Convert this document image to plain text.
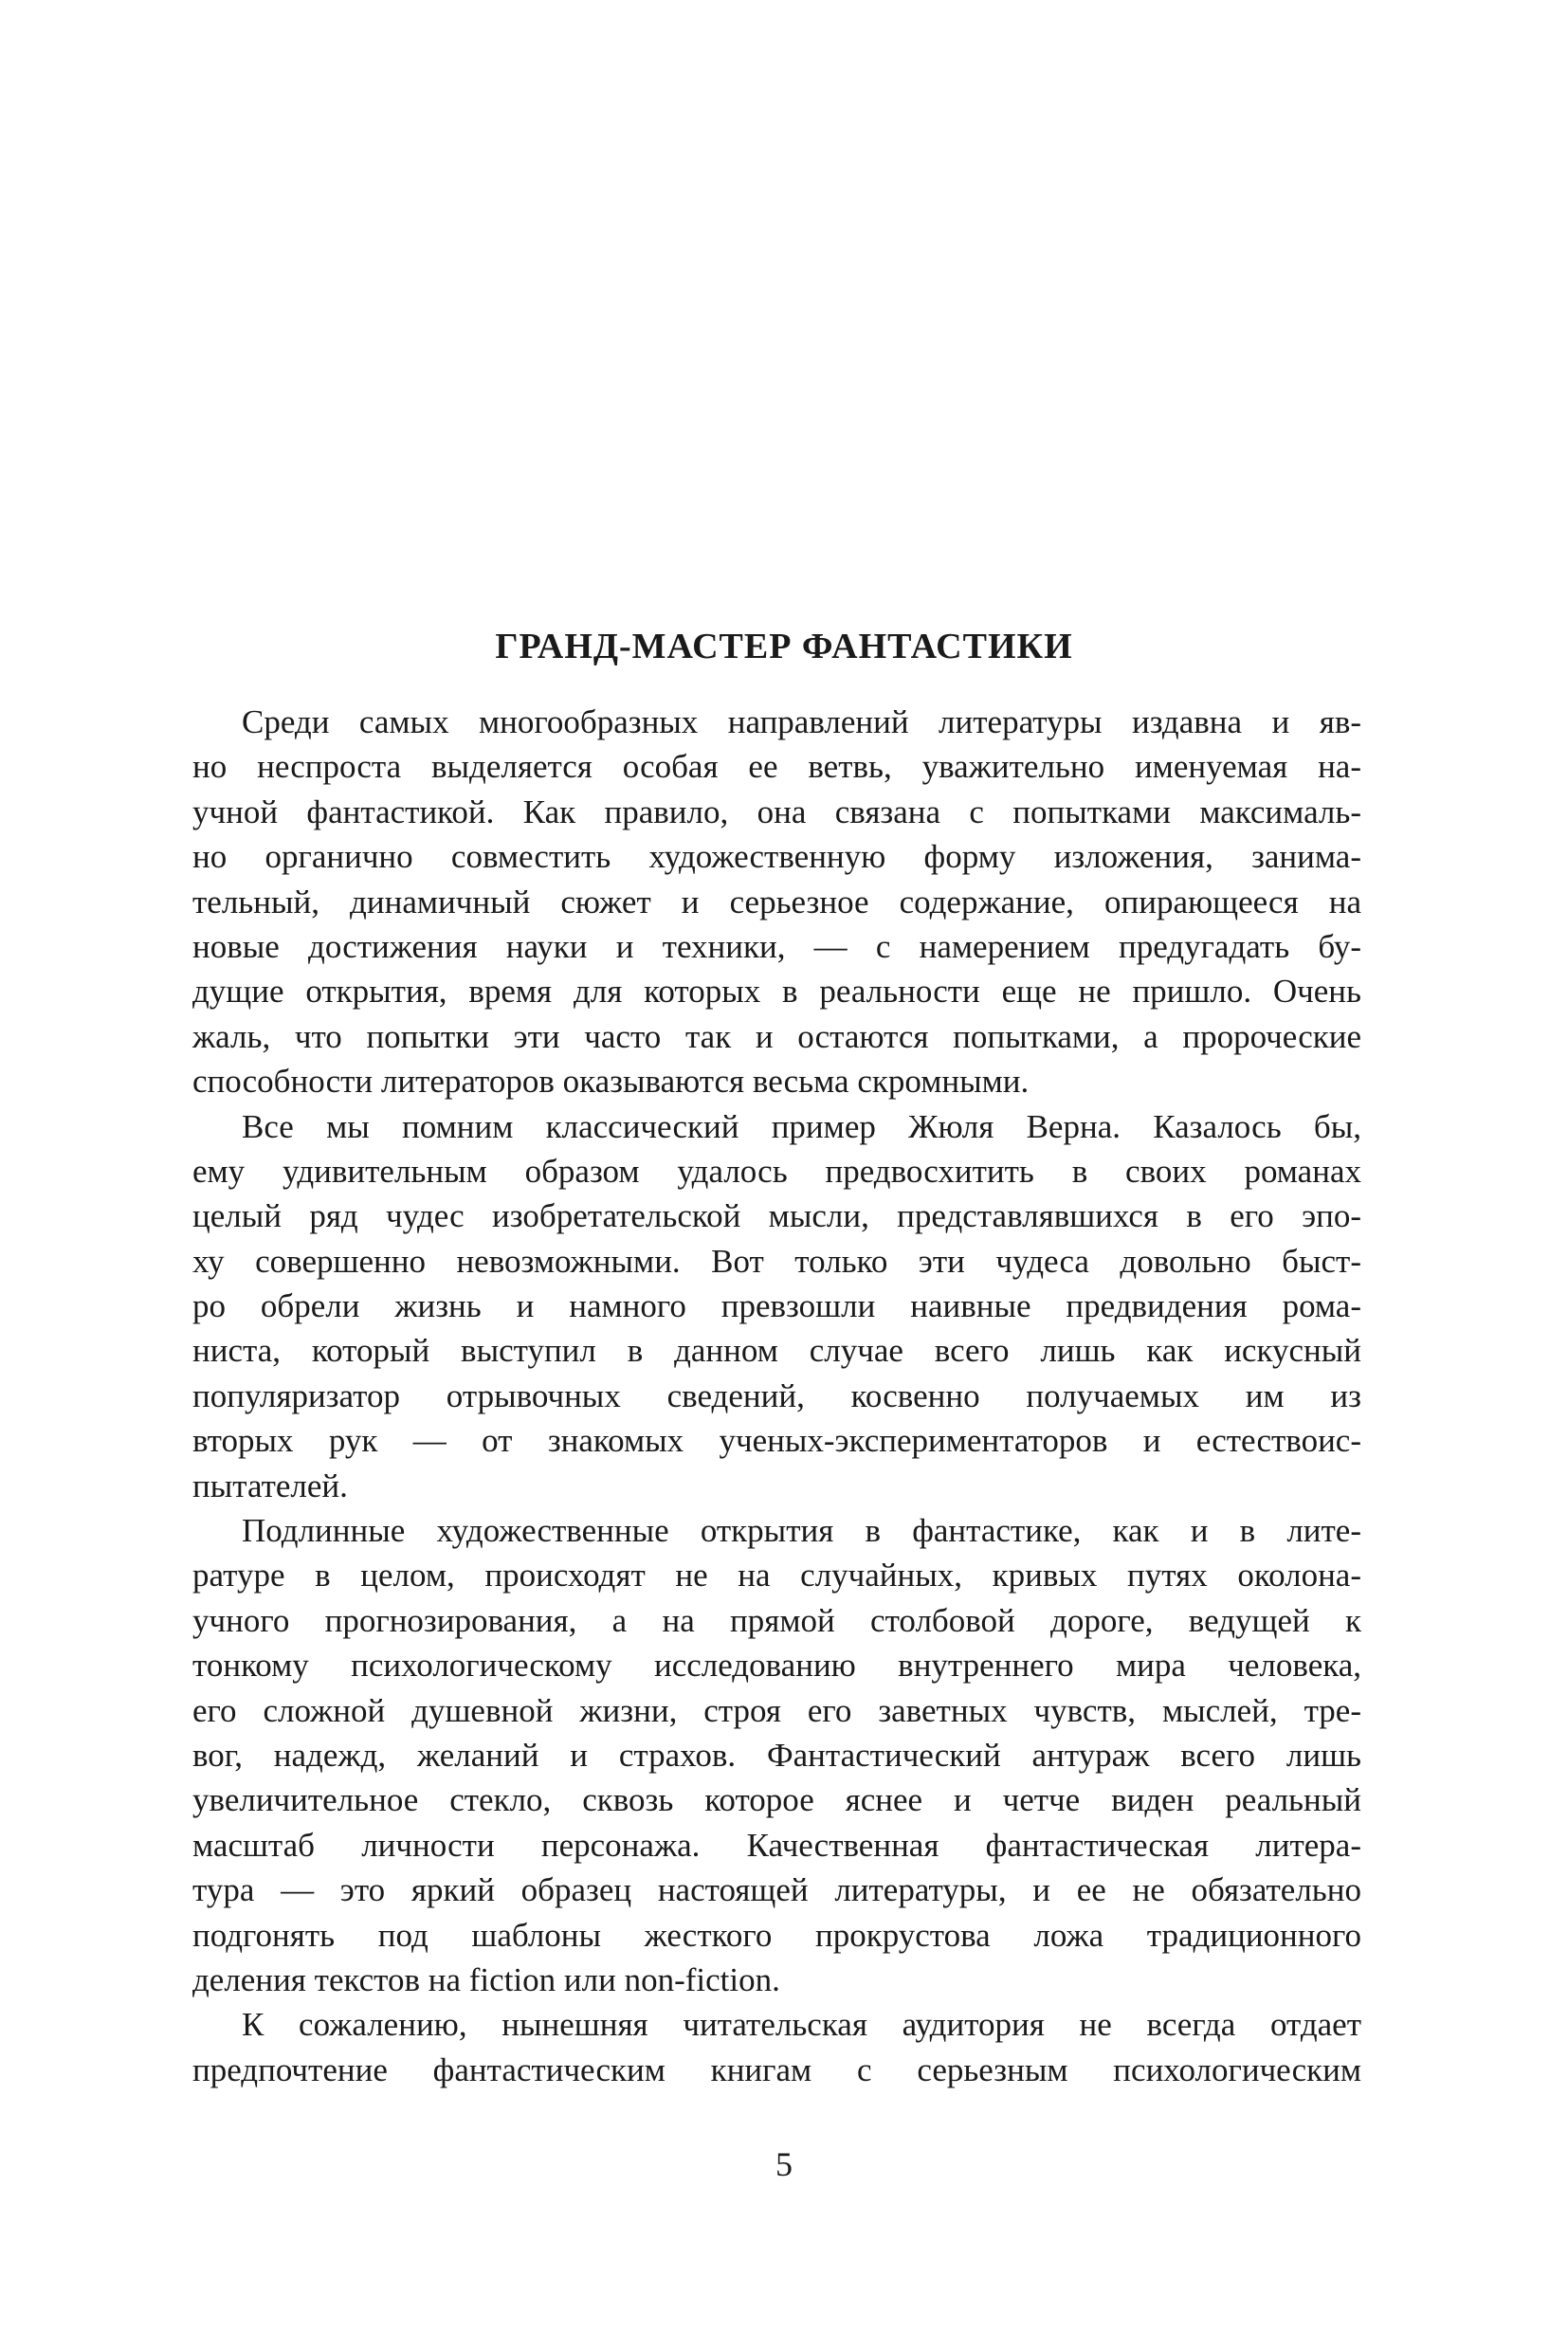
ГРАНД-МАСТЕР ФАНТАСТИКИ
Среди самых многообразных направлений литературы издавна и яв-
но неспроста выделяется особая ее ветвь, уважительно именуемая на-
учной фантастикой. Как правило, она связана с попытками максималь-
но органично совместить художественную форму изложения, занима-
тельный, динамичный сюжет и серьезное содержание, опирающееся на
новые достижения науки и техники, — с намерением предугадать бу-
дущие открытия, время для которых в реальности еще не пришло. Очень
жаль, что попытки эти часто так и остаются попытками, а пророческие
способности литераторов оказываются весьма скромными.
Все мы помним классический пример Жюля Верна. Казалось бы,
ему удивительным образом удалось предвосхитить в своих романах
целый ряд чудес изобретательской мысли, представлявшихся в его эпо-
ху совершенно невозможными. Вот только эти чудеса довольно быст-
ро обрели жизнь и намного превзошли наивные предвидения рома-
ниста, который выступил в данном случае всего лишь как искусный
популяризатор отрывочных сведений, косвенно получаемых им из
вторых рук — от знакомых ученых-экспериментаторов и естествоис-
пытателей.
Подлинные художественные открытия в фантастике, как и в лите-
ратуре в целом, происходят не на случайных, кривых путях околона-
учного прогнозирования, а на прямой столбовой дороге, ведущей к
тонкому психологическому исследованию внутреннего мира человека,
его сложной душевной жизни, строя его заветных чувств, мыслей, тре-
вог, надежд, желаний и страхов. Фантастический антураж всего лишь
увеличительное стекло, сквозь которое яснее и четче виден реальный
масштаб личности персонажа. Качественная фантастическая литера-
тура — это яркий образец настоящей литературы, и ее не обязательно
подгонять под шаблоны жесткого прокрустова ложа традиционного
деления текстов на fiction или non-fiction.
К сожалению, нынешняя читательская аудитория не всегда отдает
предпочтение фантастическим книгам с серьезным психологическим

5
